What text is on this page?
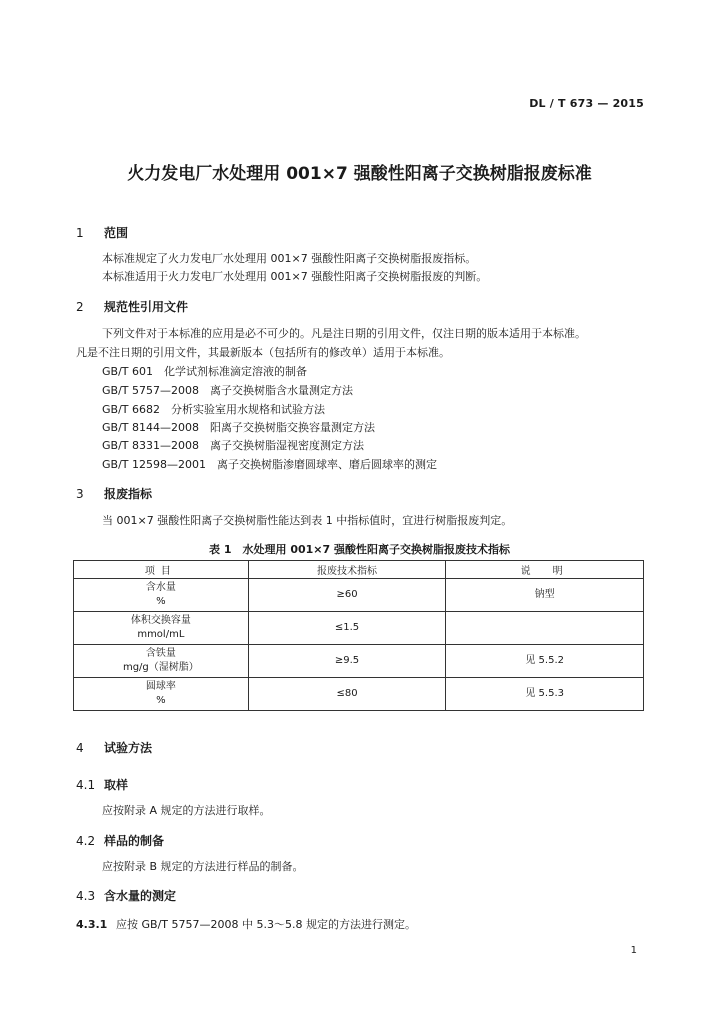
DL / T 673 — 2015
火力发电厂水处理用 001×7 强酸性阳离子交换树脂报废标准
1 范围
本标准规定了火力发电厂水处理用 001×7 强酸性阳离子交换树脂报废指标。
本标准适用于火力发电厂水处理用 001×7 强酸性阳离子交换树脂报废的判断。
2 规范性引用文件
下列文件对于本标准的应用是必不可少的。凡是注日期的引用文件，仅注日期的版本适用于本标准。
凡是不注日期的引用文件，其最新版本（包括所有的修改单）适用于本标准。
GB/T 601　化学试剂标准滴定溶液的制备
GB/T 5757—2008　离子交换树脂含水量测定方法
GB/T 6682　分析实验室用水规格和试验方法
GB/T 8144—2008　阳离子交换树脂交换容量测定方法
GB/T 8331—2008　离子交换树脂湿视密度测定方法
GB/T 12598—2001　离子交换树脂渗磨圆球率、磨后圆球率的测定
3 报废指标
当 001×7 强酸性阳离子交换树脂性能达到表 1 中指标值时，宜进行树脂报废判定。
表 1　水处理用 001×7 强酸性阳离子交换树脂报废技术指标
项目	报废技术指标	说　明

含水量
%	≥60	钠型

体积交换容量
mmol/mL	≤1.5	

含铁量
mg/g（湿树脂）	≥9.5	见 5.5.2

圆球率
%	≤80	见 5.5.3
4 试验方法
4.1 取样
应按附录 A 规定的方法进行取样。
4.2 样品的制备
应按附录 B 规定的方法进行样品的制备。
4.3 含水量的测定
4.3.1 应按 GB/T 5757—2008 中 5.3～5.8 规定的方法进行测定。
1
